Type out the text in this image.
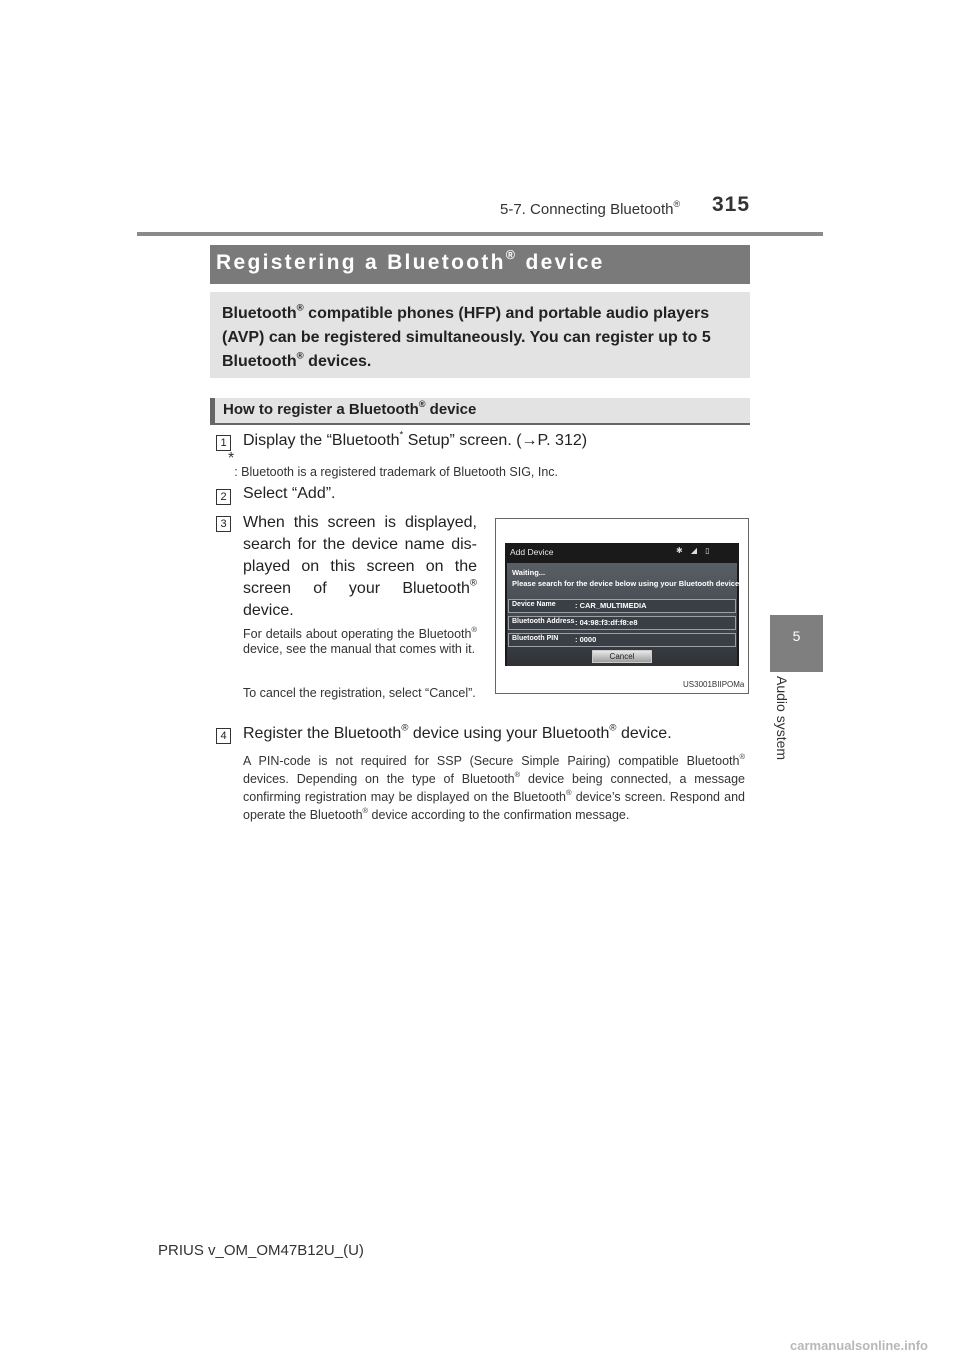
5-7. Connecting Bluetooth® 315
5
Audio system
Registering a Bluetooth® device
Bluetooth® compatible phones (HFP) and portable audio players (AVP) can be registered simultaneously. You can register up to 5 Bluetooth® devices.
How to register a Bluetooth® device
1 Display the “Bluetooth* Setup” screen. (→P. 312)
*: Bluetooth is a registered trademark of Bluetooth SIG, Inc.
2 Select “Add”.
3 When this screen is displayed, search for the device name dis-played on this screen on the screen of your Bluetooth® device.
For details about operating the Bluetooth® device, see the manual that comes with it.
To cancel the registration, select “Cancel”.
Add Device	✱ ◢ ▯
Waiting...
Please search for the device below using your Bluetooth device.
Device Name	: CAR_MULTIMEDIA
Bluetooth Address : 04:98:f3:df:f8:e8
Bluetooth PIN : 0000
Cancel
US3001BIIPOMa
4 Register the Bluetooth® device using your Bluetooth® device.
A PIN-code is not required for SSP (Secure Simple Pairing) compatible Bluetooth® devices. Depending on the type of Bluetooth® device being connected, a message confirming registration may be displayed on the Bluetooth® device’s screen. Respond and operate the Bluetooth® device according to the confirmation message.
PRIUS v_OM_OM47B12U_(U)
carmanualsonline.info
